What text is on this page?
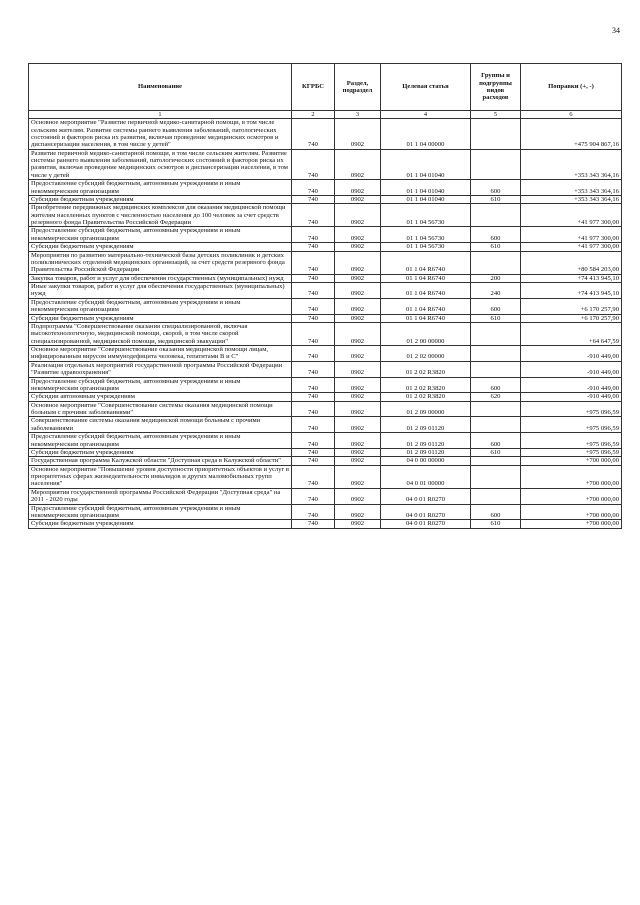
34
Наименование	КГРБС	Раздел, подраздел	Целевая статья	Группы и подгруппы видов расходов	Поправки (+, -)
1	2	3	4	5	6
Основное мероприятие "Развитие первичной медико-санитарной помощи, в том числе сельским жителям. Развитие системы раннего выявления заболеваний, патологических состояний и факторов риска их развития, включая проведение медицинских осмотров и диспансеризации населения, в том числе у детей"	740	0902	01 1 04 00000		+475 904 867,16
Развитие первичной медико-санитарной помощи, в том числе сельским жителям. Развитие системы раннего выявления заболеваний, патологических состояний и факторов риска их развития, включая проведение медицинских осмотров и диспансеризации населения, в том числе у детей	740	0902	01 1 04 01040		+353 343 364,16
Предоставление субсидий бюджетным, автономным учреждениям и иным некоммерческим организациям	740	0902	01 1 04 01040	600	+353 343 364,16
Субсидии бюджетным учреждениям	740	0902	01 1 04 01040	610	+353 343 364,16
Приобретение передвижных медицинских комплексов для оказания медицинской помощи жителям населенных пунктов с численностью населения до 100 человек за счет средств резервного фонда Правительства Российской Федерации	740	0902	01 1 04 56730		+41 977 300,00
Предоставление субсидий бюджетным, автономным учреждениям и иным некоммерческим организациям	740	0902	01 1 04 56730	600	+41 977 300,00
Субсидии бюджетным учреждениям	740	0902	01 1 04 56730	610	+41 977 300,00
Мероприятия по развитию материально-технической базы детских поликлиник и детских поликлинических отделений медицинских организаций, за счет средств резервного фонда Правительства Российской Федерации	740	0902	01 1 04 R6740		+80 584 203,00
Закупка товаров, работ и услуг для обеспечения государственных (муниципальных) нужд	740	0902	01 1 04 R6740	200	+74 413 945,10
Иные закупки товаров, работ и услуг для обеспечения государственных (муниципальных) нужд	740	0902	01 1 04 R6740	240	+74 413 945,10
Предоставление субсидий бюджетным, автономным учреждениям и иным некоммерческим организациям	740	0902	01 1 04 R6740	600	+6 170 257,90
Субсидии бюджетным учреждениям	740	0902	01 1 04 R6740	610	+6 170 257,90
Подпрограмма "Совершенствование оказания специализированной, включая высокотехнологичную, медицинской помощи, скорой, в том числе скорой специализированной, медицинской помощи, медицинской эвакуации"	740	0902	01 2 00 00000		+64 647,59
Основное мероприятие "Совершенствование оказания медицинской помощи лицам, инфицированным вирусом иммунодефицита человека, гепатитами В и С"	740	0902	01 2 02 00000		-910 449,00
Реализация отдельных мероприятий государственной программы Российской Федерации "Развитие здравоохранения"	740	0902	01 2 02 R3820		-910 449,00
Предоставление субсидий бюджетным, автономным учреждениям и иным некоммерческим организациям	740	0902	01 2 02 R3820	600	-910 449,00
Субсидии автономным учреждениям	740	0902	01 2 02 R3820	620	-910 449,00
Основное мероприятие "Совершенствование системы оказания медицинской помощи больным с прочими заболеваниями"	740	0902	01 2 09 00000		+975 096,59
Совершенствование системы оказания медицинской помощи больным с прочими заболеваниями	740	0902	01 2 09 01120		+975 096,59
Предоставление субсидий бюджетным, автономным учреждениям и иным некоммерческим организациям	740	0902	01 2 09 01120	600	+975 096,59
Субсидии бюджетным учреждениям	740	0902	01 2 09 01120	610	+975 096,59
Государственная программа Калужской области "Доступная среда в Калужской области"	740	0902	04 0 00 00000		+700 000,00
Основное мероприятие "Повышение уровня доступности приоритетных объектов и услуг в приоритетных сферах жизнедеятельности инвалидов и других маломобильных групп населения"	740	0902	04 0 01 00000		+700 000,00
Мероприятия государственной программы Российской Федерации "Доступная среда" на 2011 - 2020 годы	740	0902	04 0 01 R0270		+700 000,00
Предоставление субсидий бюджетным, автономным учреждениям и иным некоммерческим организациям	740	0902	04 0 01 R0270	600	+700 000,00
Субсидии бюджетным учреждениям	740	0902	04 0 01 R0270	610	+700 000,00
